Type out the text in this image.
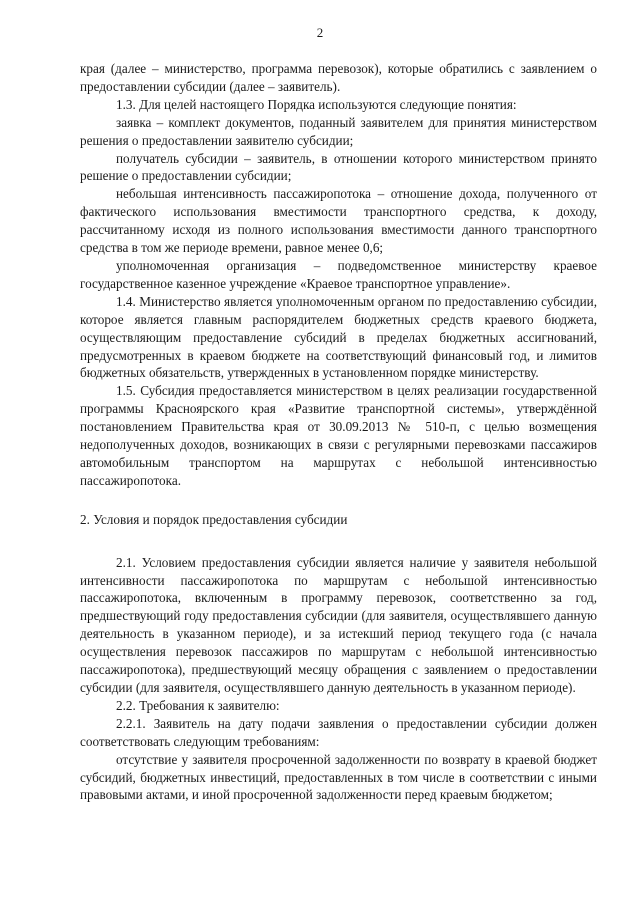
2

края (далее – министерство, программа перевозок), которые обратились с заявлением о предоставлении субсидии (далее – заявитель).

1.3. Для целей настоящего Порядка используются следующие понятия:

заявка – комплект документов, поданный заявителем для принятия министерством решения о предоставлении заявителю субсидии;

получатель субсидии – заявитель, в отношении которого министерством принято решение о предоставлении субсидии;

небольшая интенсивность пассажиропотока – отношение дохода, полученного от фактического использования вместимости транспортного средства, к доходу, рассчитанному исходя из полного использования вместимости данного транспортного средства в том же периоде времени, равное менее 0,6;

уполномоченная организация – подведомственное министерству краевое государственное казенное учреждение «Краевое транспортное управление».

1.4. Министерство является уполномоченным органом по предоставлению субсидии, которое является главным распорядителем бюджетных средств краевого бюджета, осуществляющим предоставление субсидий в пределах бюджетных ассигнований, предусмотренных в краевом бюджете на соответствующий финансовый год, и лимитов бюджетных обязательств, утвержденных в установленном порядке министерству.

1.5. Субсидия предоставляется министерством в целях реализации государственной программы Красноярского края «Развитие транспортной системы», утверждённой постановлением Правительства края от 30.09.2013 № 510-п, с целью возмещения недополученных доходов, возникающих в связи с регулярными перевозками пассажиров автомобильным транспортом на маршрутах с небольшой интенсивностью пассажиропотока.

2. Условия и порядок предоставления субсидии

2.1. Условием предоставления субсидии является наличие у заявителя небольшой интенсивности пассажиропотока по маршрутам с небольшой интенсивностью пассажиропотока, включенным в программу перевозок, соответственно за год, предшествующий году предоставления субсидии (для заявителя, осуществлявшего данную деятельность в указанном периоде), и за истекший период текущего года (с начала осуществления перевозок пассажиров по маршрутам с небольшой интенсивностью пассажиропотока), предшествующий месяцу обращения с заявлением о предоставлении субсидии (для заявителя, осуществлявшего данную деятельность в указанном периоде).

2.2. Требования к заявителю:

2.2.1. Заявитель на дату подачи заявления о предоставлении субсидии должен соответствовать следующим требованиям:

отсутствие у заявителя просроченной задолженности по возврату в краевой бюджет субсидий, бюджетных инвестиций, предоставленных в том числе в соответствии с иными правовыми актами, и иной просроченной задолженности перед краевым бюджетом;
